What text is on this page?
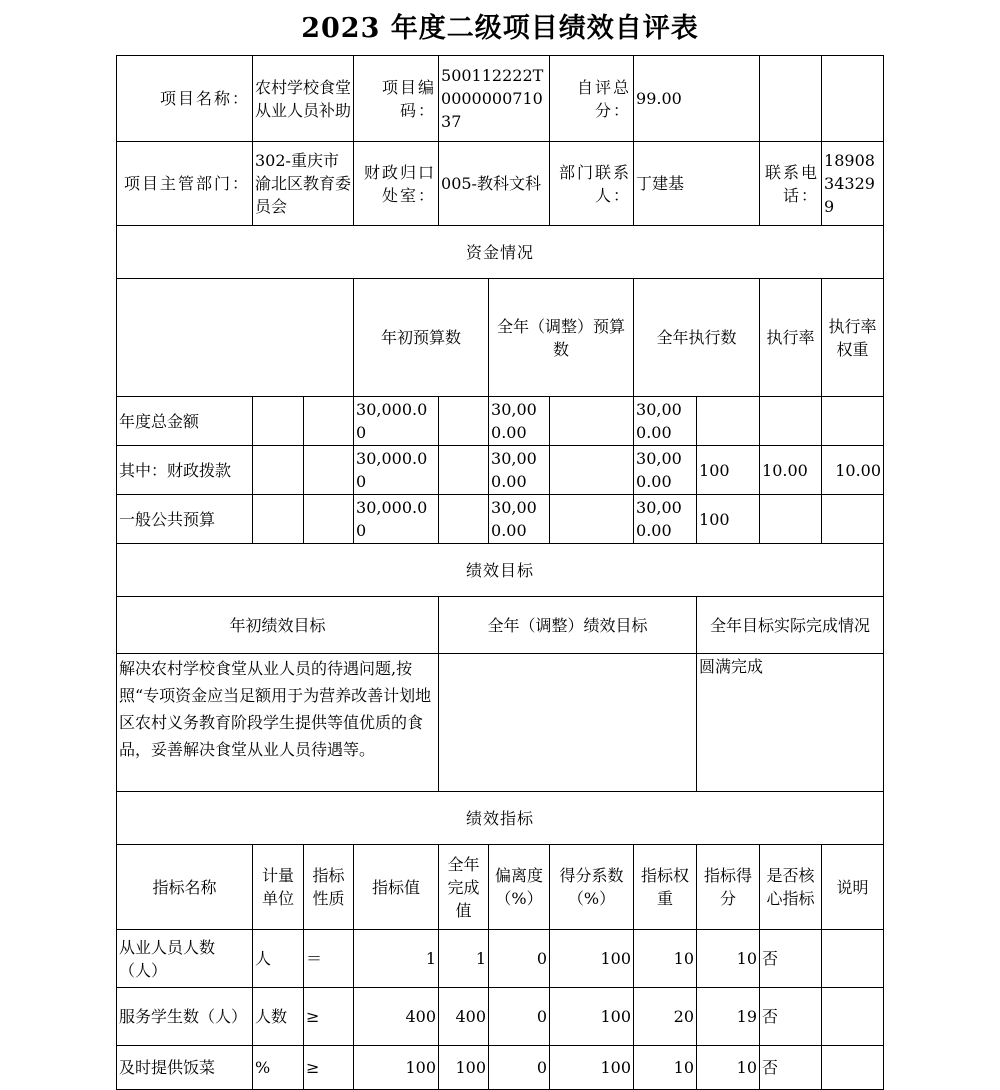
2023 年度二级项目绩效自评表
项目名称：	农村学校食堂从业人员补助		项目编码：	500112222T000000071037		自评总分：	99.00				
项目主管部门：	302-重庆市渝北区教育委员会		财政归口处室：	005-教科文科		部门联系人：	丁建基		联系电话：	18908343299	
资金情况											
			年初预算数		全年（调整）预算数		全年执行数		执行率	执行率权重	
年度总金额			30,000.00		30,000.00		30,000.00				
其中：财政拨款			30,000.00		30,000.00		30,000.00	100	10.00	10.00	
一般公共预算			30,000.00		30,000.00		30,000.00	100			
绩效目标											
年初绩效目标				全年（调整）绩效目标				全年目标实际完成情况			
解决农村学校食堂从业人员的待遇问题,按照“专项资金应当足额用于为营养改善计划地区农村义务教育阶段学生提供等值优质的食品，妥善解决食堂从业人员待遇等。								圆满完成			
绩效指标											
指标名称	计量单位	指标性质	指标值	全年完成值	偏离度（%）	得分系数（%）	指标权重	指标得分	是否核心指标	说明	
从业人员人数（人）	人	＝	1	1	0	100	10	10	否		
服务学生数（人）	人数	≥	400	400	0	100	20	19	否		
及时提供饭菜	%	≥	100	100	0	100	10	10	否		
